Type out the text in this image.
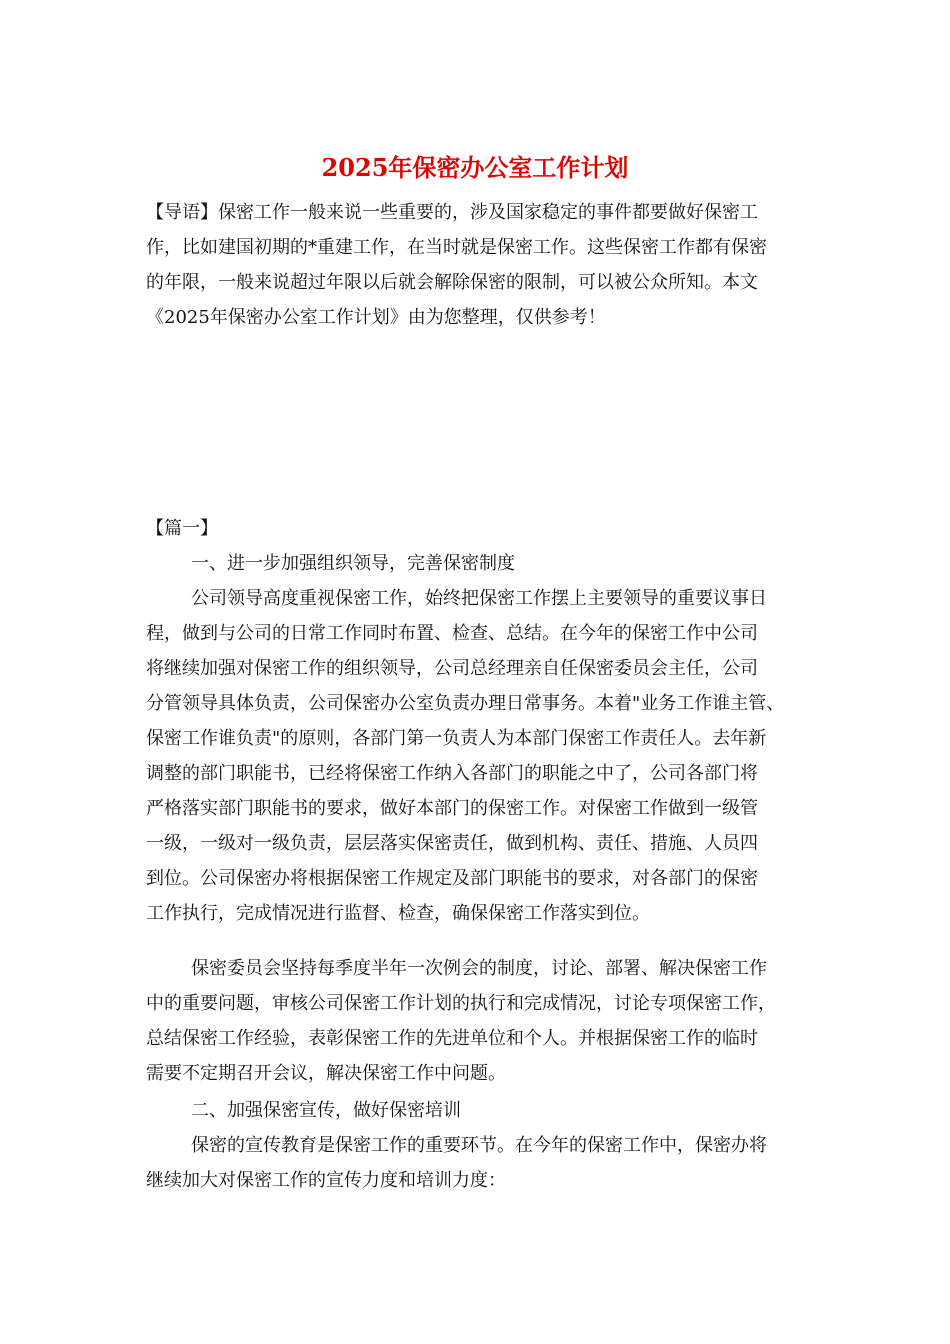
2025年保密办公室工作计划
【导语】保密工作一般来说一些重要的，涉及国家稳定的事件都要做好保密工
作，比如建国初期的*重建工作，在当时就是保密工作。这些保密工作都有保密
的年限，一般来说超过年限以后就会解除保密的限制，可以被公众所知。本文
《2025年保密办公室工作计划》由为您整理，仅供参考！
【篇一】
一、进一步加强组织领导，完善保密制度
公司领导高度重视保密工作，始终把保密工作摆上主要领导的重要议事日
程，做到与公司的日常工作同时布置、检查、总结。在今年的保密工作中公司
将继续加强对保密工作的组织领导，公司总经理亲自任保密委员会主任，公司
分管领导具体负责，公司保密办公室负责办理日常事务。本着"业务工作谁主管、
保密工作谁负责"的原则，各部门第一负责人为本部门保密工作责任人。去年新
调整的部门职能书，已经将保密工作纳入各部门的职能之中了，公司各部门将
严格落实部门职能书的要求，做好本部门的保密工作。对保密工作做到一级管
一级，一级对一级负责，层层落实保密责任，做到机构、责任、措施、人员四
到位。公司保密办将根据保密工作规定及部门职能书的要求，对各部门的保密
工作执行，完成情况进行监督、检查，确保保密工作落实到位。
保密委员会坚持每季度半年一次例会的制度，讨论、部署、解决保密工作
中的重要问题，审核公司保密工作计划的执行和完成情况，讨论专项保密工作，
总结保密工作经验，表彰保密工作的先进单位和个人。并根据保密工作的临时
需要不定期召开会议，解决保密工作中问题。
二、加强保密宣传，做好保密培训
保密的宣传教育是保密工作的重要环节。在今年的保密工作中，保密办将
继续加大对保密工作的宣传力度和培训力度：
